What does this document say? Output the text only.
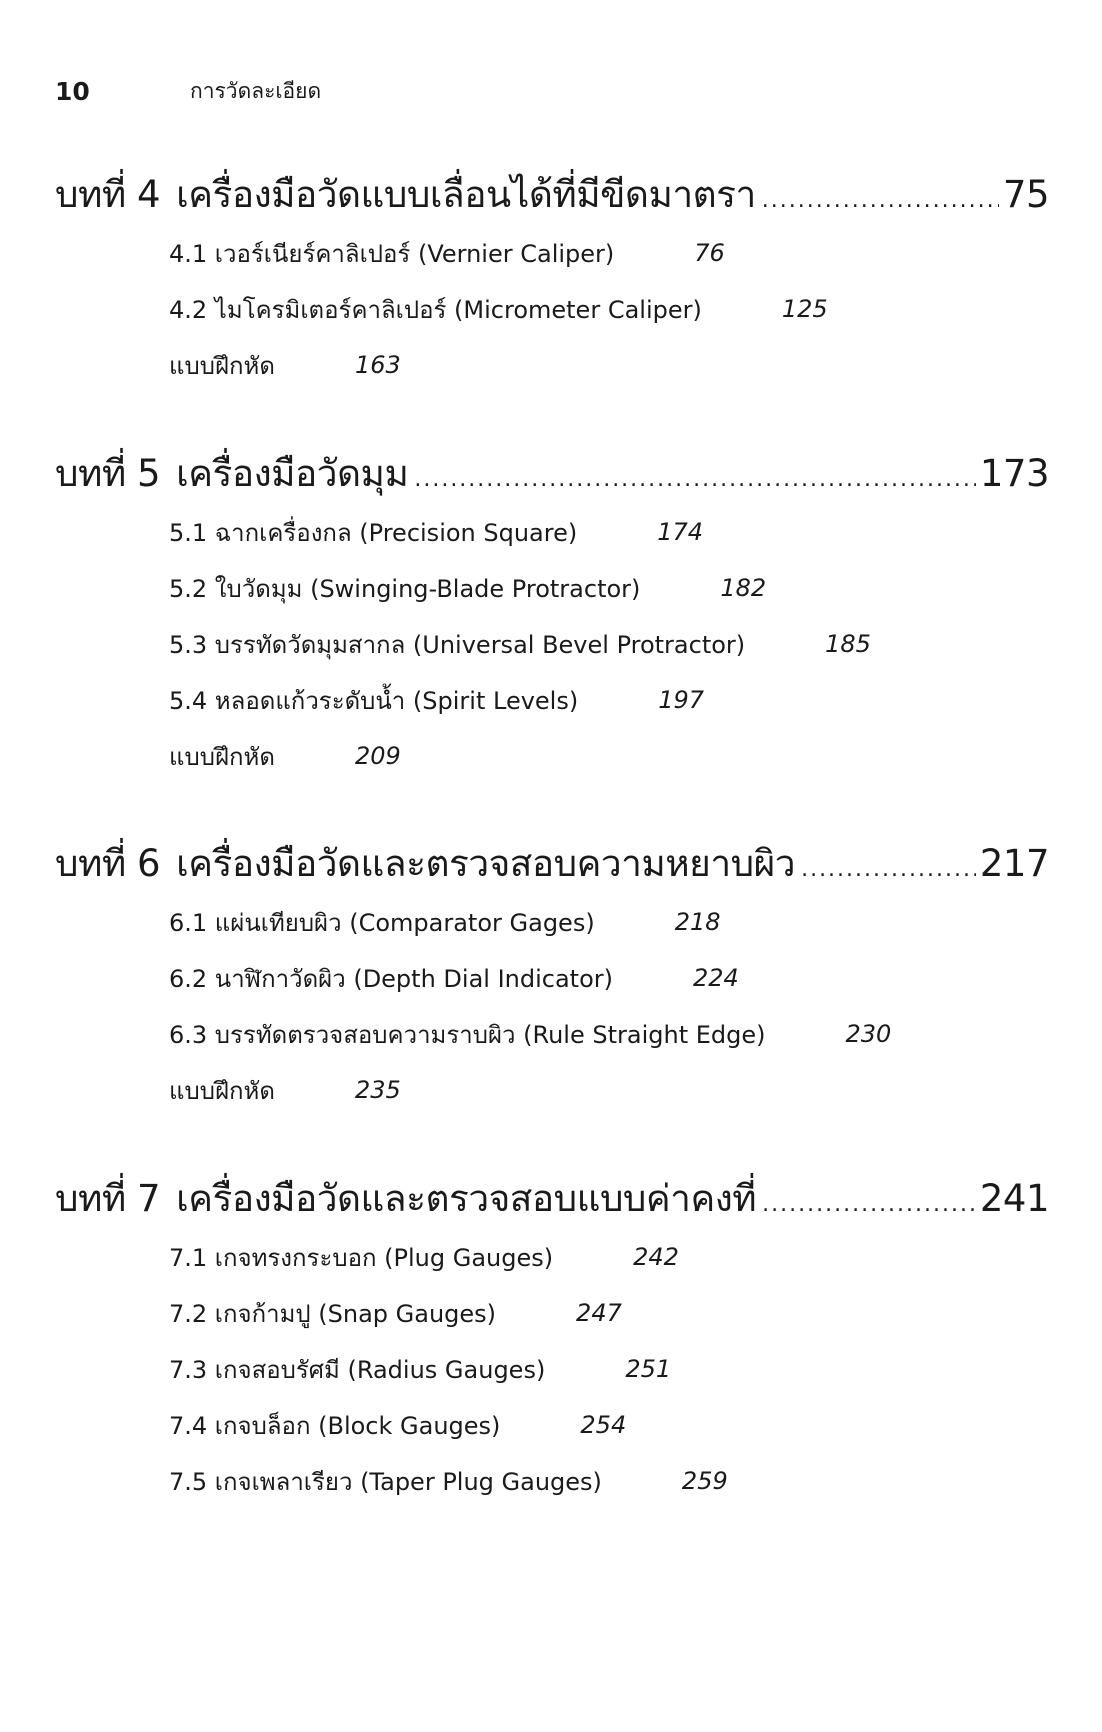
10	การวัดละเอียด
บทที่ 4 เครื่องมือวัดแบบเลื่อนได้ที่มีขีดมาตรา .....	75
4.1 เวอร์เนียร์คาลิเปอร์ (Vernier Caliper)	76
4.2 ไมโครมิเตอร์คาลิเปอร์ (Micrometer Caliper)	125
แบบฝึกหัด	163
บทที่ 5 เครื่องมือวัดมุม .....	173
5.1 ฉากเครื่องกล (Precision Square)	174
5.2 ใบวัดมุม (Swinging-Blade Protractor)	182
5.3 บรรทัดวัดมุมสากล (Universal Bevel Protractor)	185
5.4 หลอดแก้วระดับน้ำ (Spirit Levels)	197
แบบฝึกหัด	209
บทที่ 6 เครื่องมือวัดและตรวจสอบความหยาบผิว .....	217
6.1 แผ่นเทียบผิว (Comparator Gages)	218
6.2 นาฬิกาวัดผิว (Depth Dial Indicator)	224
6.3 บรรทัดตรวจสอบความราบผิว (Rule Straight Edge)	230
แบบฝึกหัด	235
บทที่ 7 เครื่องมือวัดและตรวจสอบแบบค่าคงที่ .....	241
7.1 เกจทรงกระบอก (Plug Gauges)	242
7.2 เกจก้ามปู (Snap Gauges)	247
7.3 เกจสอบรัศมี (Radius Gauges)	251
7.4 เกจบล็อก (Block Gauges)	254
7.5 เกจเพลาเรียว (Taper Plug Gauges)	259
